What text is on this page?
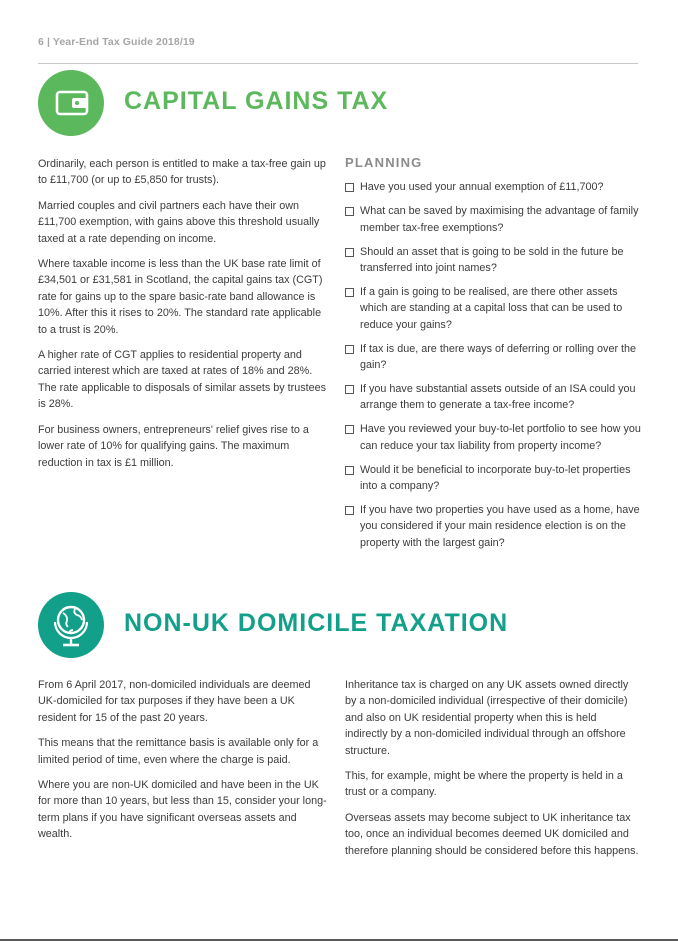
6 | Year-End Tax Guide 2018/19
CAPITAL GAINS TAX

Ordinarily, each person is entitled to make a tax-free gain up to £11,700 (or up to £5,850 for trusts).

Married couples and civil partners each have their own £11,700 exemption, with gains above this threshold usually taxed at a rate depending on income.

Where taxable income is less than the UK base rate limit of £34,501 or £31,581 in Scotland, the capital gains tax (CGT) rate for gains up to the spare basic-rate band allowance is 10%. After this it rises to 20%. The standard rate applicable to a trust is 20%.

A higher rate of CGT applies to residential property and carried interest which are taxed at rates of 18% and 28%. The rate applicable to disposals of similar assets by trustees is 28%.

For business owners, entrepreneurs' relief gives rise to a lower rate of 10% for qualifying gains. The maximum reduction in tax is £1 million.

PLANNING
Have you used your annual exemption of £11,700?
What can be saved by maximising the advantage of family member tax-free exemptions?
Should an asset that is going to be sold in the future be transferred into joint names?
If a gain is going to be realised, are there other assets which are standing at a capital loss that can be used to reduce your gains?
If tax is due, are there ways of deferring or rolling over the gain?
If you have substantial assets outside of an ISA could you arrange them to generate a tax-free income?
Have you reviewed your buy-to-let portfolio to see how you can reduce your tax liability from property income?
Would it be beneficial to incorporate buy-to-let properties into a company?
If you have two properties you have used as a home, have you considered if your main residence election is on the property with the largest gain?
NON-UK DOMICILE TAXATION

From 6 April 2017, non-domiciled individuals are deemed UK-domiciled for tax purposes if they have been a UK resident for 15 of the past 20 years.

This means that the remittance basis is available only for a limited period of time, even where the charge is paid.

Where you are non-UK domiciled and have been in the UK for more than 10 years, but less than 15, consider your long-term plans if you have significant overseas assets and wealth.

Inheritance tax is charged on any UK assets owned directly by a non-domiciled individual (irrespective of their domicile) and also on UK residential property when this is held indirectly by a non-domiciled individual through an offshore structure.

This, for example, might be where the property is held in a trust or a company.

Overseas assets may become subject to UK inheritance tax too, once an individual becomes deemed UK domiciled and therefore planning should be considered before this happens.
